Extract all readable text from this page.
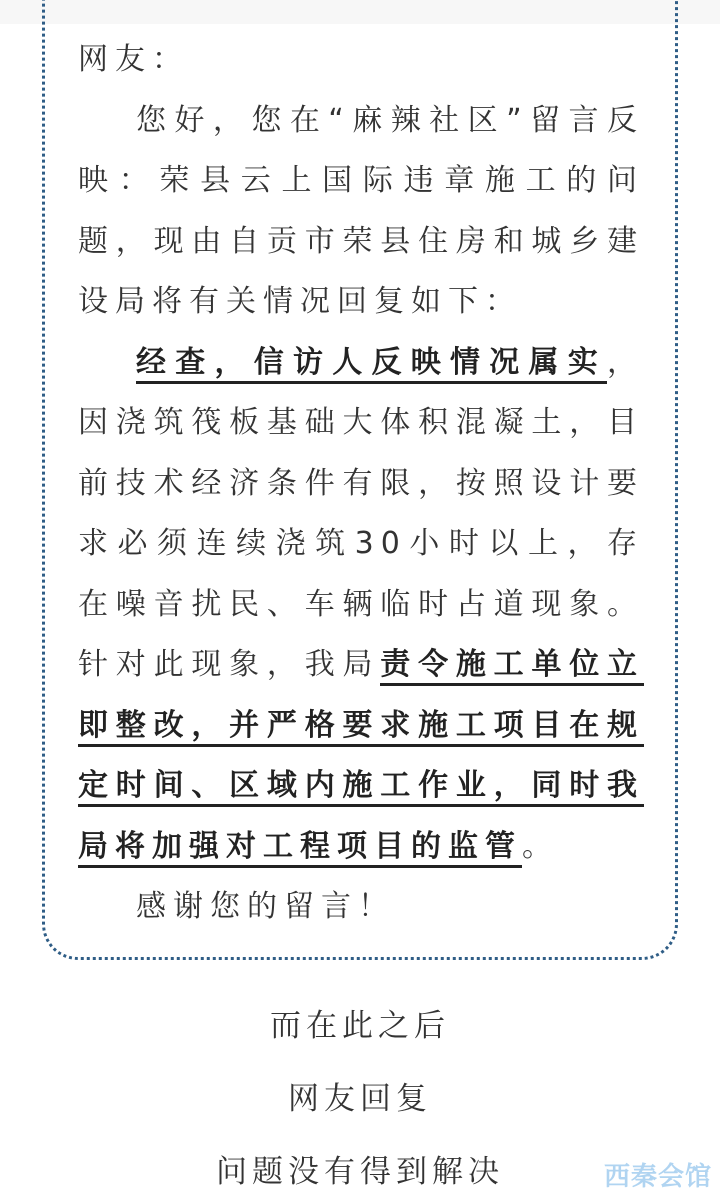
网友：

您好，您在“麻辣社区”留言反映：荣县云上国际违章施工的问题，现由自贡市荣县住房和城乡建设局将有关情况回复如下：

经查，信访人反映情况属实，因浇筑筏板基础大体积混凝土，目前技术经济条件有限，按照设计要求必须连续浇筑30小时以上，存在噪音扰民、车辆临时占道现象。针对此现象，我局责令施工单位立即整改，并严格要求施工项目在规定时间、区域内施工作业，同时我局将加强对工程项目的监管。

感谢您的留言！

而在此之后
网友回复
问题没有得到解决	西秦会馆
